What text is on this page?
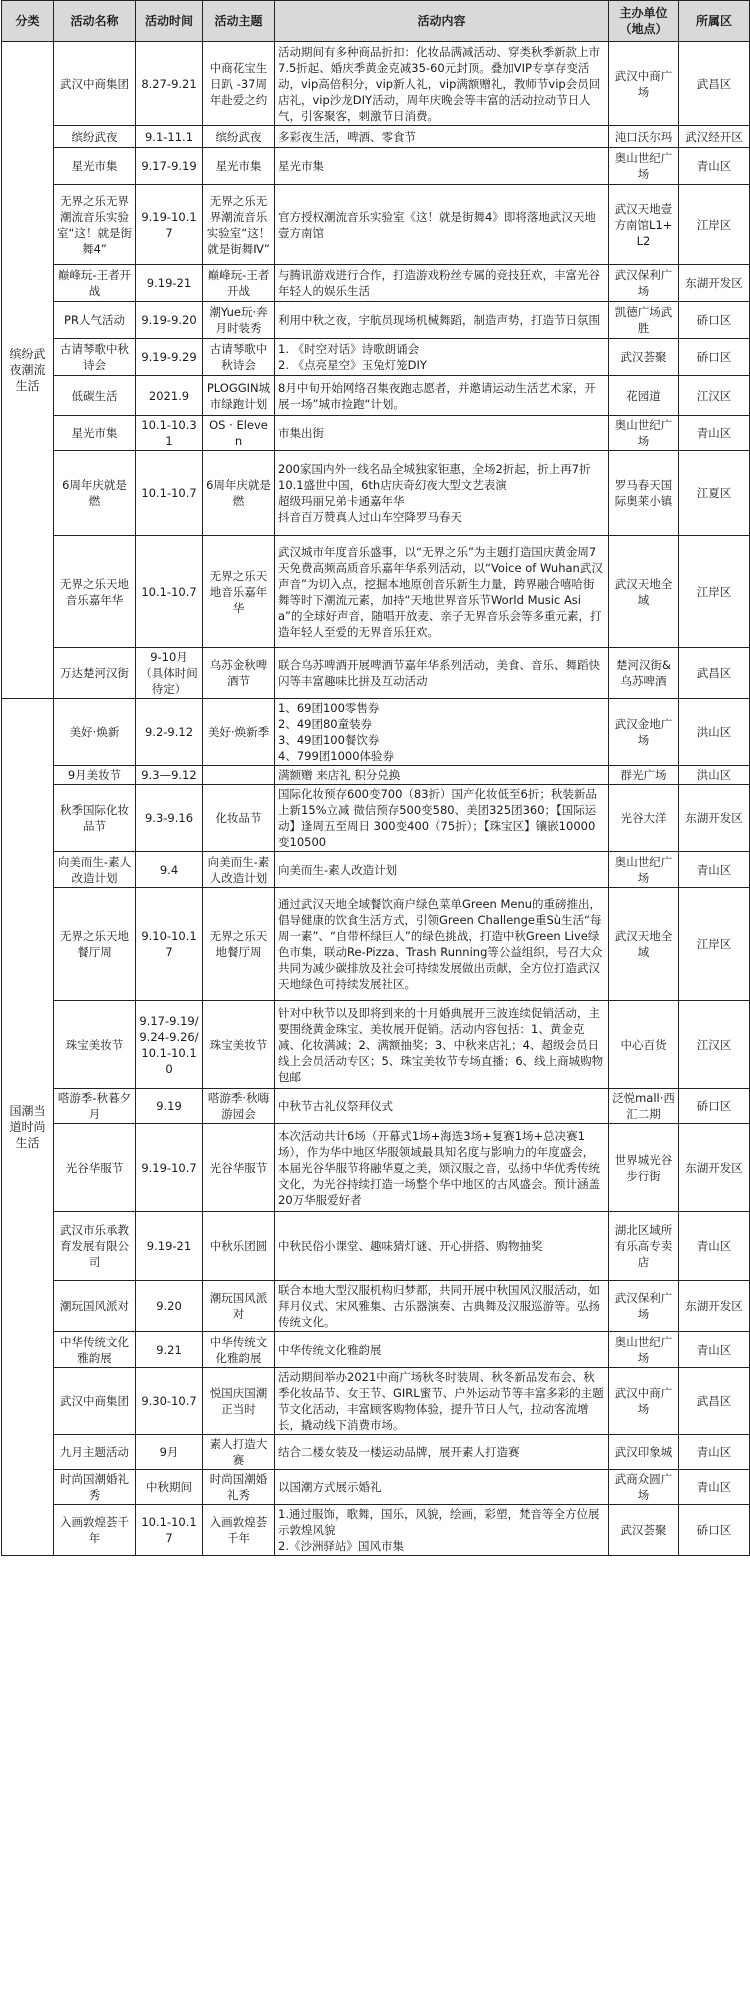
分类	活动名称	活动时间	活动主题	活动内容	主办单位（地点）	所属区
缤纷武夜潮流生活	武汉中商集团	8.27-9.21	中商花宝生日趴 -37周年赴爱之约	活动期间有多种商品折扣：化妆品满减活动、穿类秋季新款上市7.5折起、婚庆季黄金克减35-60元封顶。叠加VIP专享存变活动，vip高倍积分，vip新人礼，vip满额赠礼，教师节vip会员回店礼，vip沙龙DIY活动，周年庆晚会等丰富的活动拉动节日人气，引客聚客，刺激节日消费。	武汉中商广场	武昌区
	缤纷武夜	9.1-11.1	缤纷武夜	多彩夜生活，啤酒、零食节	沌口沃尔玛	武汉经开区
	星光市集	9.17-9.19	星光市集	星光市集	奥山世纪广场	青山区
	无界之乐无界潮流音乐实验室“这！就是街舞4”	9.19-10.17	无界之乐无界潮流音乐实验室“这！就是街舞Ⅳ”	官方授权潮流音乐实验室《这！就是街舞4》即将落地武汉天地壹方南馆	武汉天地壹方南馆L1+L2	江岸区
	巅峰玩-王者开战	9.19-21	巅峰玩-王者开战	与腾讯游戏进行合作，打造游戏粉丝专属的竞技狂欢，丰富光谷年轻人的娱乐生活	武汉保利广场	东湖开发区
	PR人气活动	9.19-9.20	潮Yue玩·奔月时装秀	利用中秋之夜，宇航员现场机械舞蹈，制造声势，打造节日氛围	凯德广场武胜	硚口区
	古请琴歌中秋诗会	9.19-9.29	古请琴歌中秋诗会	1. 《时空对话》诗歌朗诵会
2. 《点亮星空》玉兔灯笼DIY	武汉荟聚	硚口区
	低碳生活	2021.9	PLOGGIN城市绿跑计划	8月中旬开始网络召集夜跑志愿者，并邀请运动生活艺术家，开展一场”城市捡跑“计划。	花园道	江汉区
	星光市集	10.1-10.31	OS · Eleven	市集出街	奥山世纪广场	青山区
	6周年庆就是燃	10.1-10.7	6周年庆就是燃	200家国内外一线名品全城独家钜惠，全场2折起，折上再7折
10.1盛世中国，6th店庆奇幻夜大型文艺表演
超级玛丽兄弟卡通嘉年华
抖音百万赞真人过山车空降罗马春天	罗马春天国际奥莱小镇	江夏区
	无界之乐天地音乐嘉年华	10.1-10.7	无界之乐天地音乐嘉年华	武汉城市年度音乐盛事，以“无界之乐”为主题打造国庆黄金周7天免费高频高质音乐嘉年华系列活动，以“Voice of Wuhan武汉声音”为切入点，挖掘本地原创音乐新生力量，跨界融合嘻哈街舞等时下潮流元素，加持“天地世界音乐节World Music Asia”的全球好声音，随唱开放麦、亲子无界音乐会等多重元素，打造年轻人至爱的无界音乐狂欢。	武汉天地全域	江岸区
	万达楚河汉街	9-10月（具体时间待定）	乌苏金秋啤酒节	联合乌苏啤酒开展啤酒节嘉年华系列活动，美食、音乐、舞蹈快闪等丰富趣味比拼及互动活动	楚河汉街&乌苏啤酒	武昌区
国潮当道时尚生活	美好·焕新	9.2-9.12	美好·焕新季	1、69团100零售券
2、49团80童装券
3、49团100餐饮券
4、799团1000体验券	武汉金地广场	洪山区
	9月美妆节	9.3—9.12		满额赠 来店礼 积分兑换	群光广场	洪山区
	秋季国际化妆品节	9.3-9.16	化妆品节	国际化妆预存600变700（83折）国产化妆低至6折；秋装新品上新15%立减 微信预存500变580、美团325团360；【国际运动】逢周五至周日 300变400（75折）；【珠宝区】镶嵌10000变10500	光谷大洋	东湖开发区
	向美而生-素人改造计划	9.4	向美而生-素人改造计划	向美而生-素人改造计划	奥山世纪广场	青山区
	无界之乐天地餐厅周	9.10-10.17	无界之乐天地餐厅周	通过武汉天地全域餐饮商户绿色菜单Green Menu的重磅推出，倡导健康的饮食生活方式，引领Green Challenge重Sù生活“每周一素”、“自带杯绿巨人”的绿色挑战，打造中秋Green Live绿色市集，联动Re-Pizza、Trash Running等公益组织，号召大众共同为减少碳排放及社会可持续发展做出贡献，全方位打造武汉天地绿色可持续发展社区。	武汉天地全域	江岸区
	珠宝美妆节	9.17-9.19/9.24-9.26/10.1-10.10	珠宝美妆节	针对中秋节以及即将到来的十月婚典展开三波连续促销活动，主要围绕黄金珠宝、美妆展开促销。活动内容包括：1、黄金克减、化妆满减；2、满额抽奖；3、中秋来店礼；4、超级会员日线上会员活动专区；5、珠宝美妆节专场直播；6、线上商城购物包邮	中心百货	江汉区
	嗒游季-秋暮夕月	9.19	嗒游季·秋嗨游园会	中秋节古礼仪祭拜仪式	泛悦mall·西汇二期	硚口区
	光谷华服节	9.19-10.7	光谷华服节	本次活动共计6场（开幕式1场+海选3场+复赛1场+总决赛1场），作为华中地区华服领域最具知名度与影响力的年度盛会，本届光谷华服节将融华夏之美，颂汉服之音，弘扬中华优秀传统文化，为光谷持续打造一场整个华中地区的古风盛会。预计涵盖20万华服爱好者	世界城光谷步行街	东湖开发区
	武汉市乐承教育发展有限公司	9.19-21	中秋乐团圆	中秋民俗小课堂、趣味猜灯谜、开心拼搭、购物抽奖	湖北区域所有乐高专卖店	青山区
	潮玩国风派对	9.20	潮玩国风派对	联合本地大型汉服机构归梦都，共同开展中秋国风汉服活动，如拜月仪式、宋风雅集、古乐器演奏、古典舞及汉服巡游等。弘扬传统文化。	武汉保利广场	东湖开发区
	中华传统文化雅韵展	9.21	中华传统文化雅韵展	中华传统文化雅韵展	奥山世纪广场	青山区
	武汉中商集团	9.30-10.7	悦国庆国潮正当时	活动期间举办2021中商广场秋冬时装周、秋冬新品发布会、秋季化妆品节、女王节、GIRL蜜节、户外运动节等丰富多彩的主题节文化活动，丰富顾客购物体验，提升节日人气，拉动客流增长，撬动线下消费市场。	武汉中商广场	武昌区
	九月主题活动	9月	素人打造大赛	结合二楼女装及一楼运动品牌，展开素人打造赛	武汉印象城	青山区
	时尚国潮婚礼秀	中秋期间	时尚国潮婚礼秀	以国潮方式展示婚礼	武商众圆广场	青山区
	入画敦煌荟千年	10.1-10.17	入画敦煌荟千年	1.通过服饰，歌舞，国乐，风貌，绘画，彩塑，梵音等全方位展示敦煌风貌
2.《沙洲驿站》国风市集	武汉荟聚	硚口区
